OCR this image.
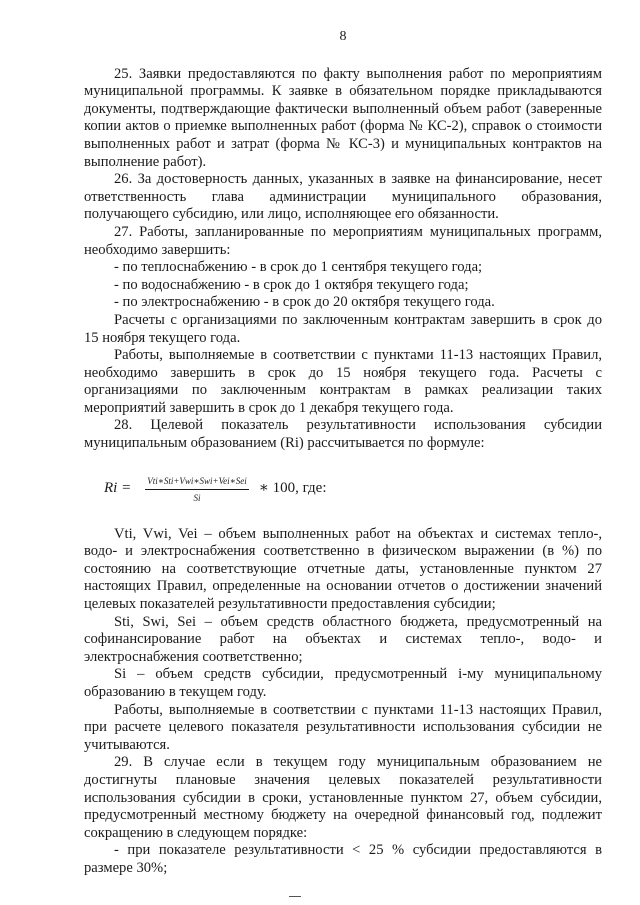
8

25. Заявки предоставляются по факту выполнения работ по мероприятиям муниципальной программы. К заявке в обязательном порядке прикладываются документы, подтверждающие фактически выполненный объем работ (заверенные копии актов о приемке выполненных работ (форма № КС-2), справок о стоимости выполненных работ и затрат (форма № КС-3) и муниципальных контрактов на выполнение работ).

26. За достоверность данных, указанных в заявке на финансирование, несет ответственность глава администрации муниципального образования, получающего субсидию, или лицо, исполняющее его обязанности.

27. Работы, запланированные по мероприятиям муниципальных программ, необходимо завершить:

- по теплоснабжению - в срок до 1 сентября текущего года;

- по водоснабжению - в срок до 1 октября текущего года;

- по электроснабжению - в срок до 20 октября текущего года.

Расчеты с организациями по заключенным контрактам завершить в срок до 15 ноября текущего года.

Работы, выполняемые в соответствии с пунктами 11-13 настоящих Правил, необходимо завершить в срок до 15 ноября текущего года. Расчеты с организациями по заключенным контрактам в рамках реализации таких мероприятий завершить в срок до 1 декабря текущего года.

28. Целевой показатель результативности использования субсидии муниципальным образованием (Ri) рассчитывается по формуле:

$Ri = \frac{\text{Vti∗Sti+Vwi∗Swi+Vei∗Sei}}{Si}$ ∗ 100, где:

Vti, Vwi, Vei – объем выполненных работ на объектах и системах тепло-, водо- и электроснабжения соответственно в физическом выражении (в %) по состоянию на соответствующие отчетные даты, установленные пунктом 27 настоящих Правил, определенные на основании отчетов о достижении значений целевых показателей результативности предоставления субсидии;

Sti, Swi, Sei – объем средств областного бюджета, предусмотренный на софинансирование работ на объектах и системах тепло-, водо- и электроснабжения соответственно;

Si – объем средств субсидии, предусмотренный i-му муниципальному образованию в текущем году.

Работы, выполняемые в соответствии с пунктами 11-13 настоящих Правил, при расчете целевого показателя результативности использования субсидии не учитываются.

29. В случае если в текущем году муниципальным образованием не достигнуты плановые значения целевых показателей результативности использования субсидии в сроки, установленные пунктом 27, объем субсидии, предусмотренный местному бюджету на очередной финансовый год, подлежит сокращению в следующем порядке:

- при показателе результативности < 25 % субсидии предоставляются в размере 30%;
